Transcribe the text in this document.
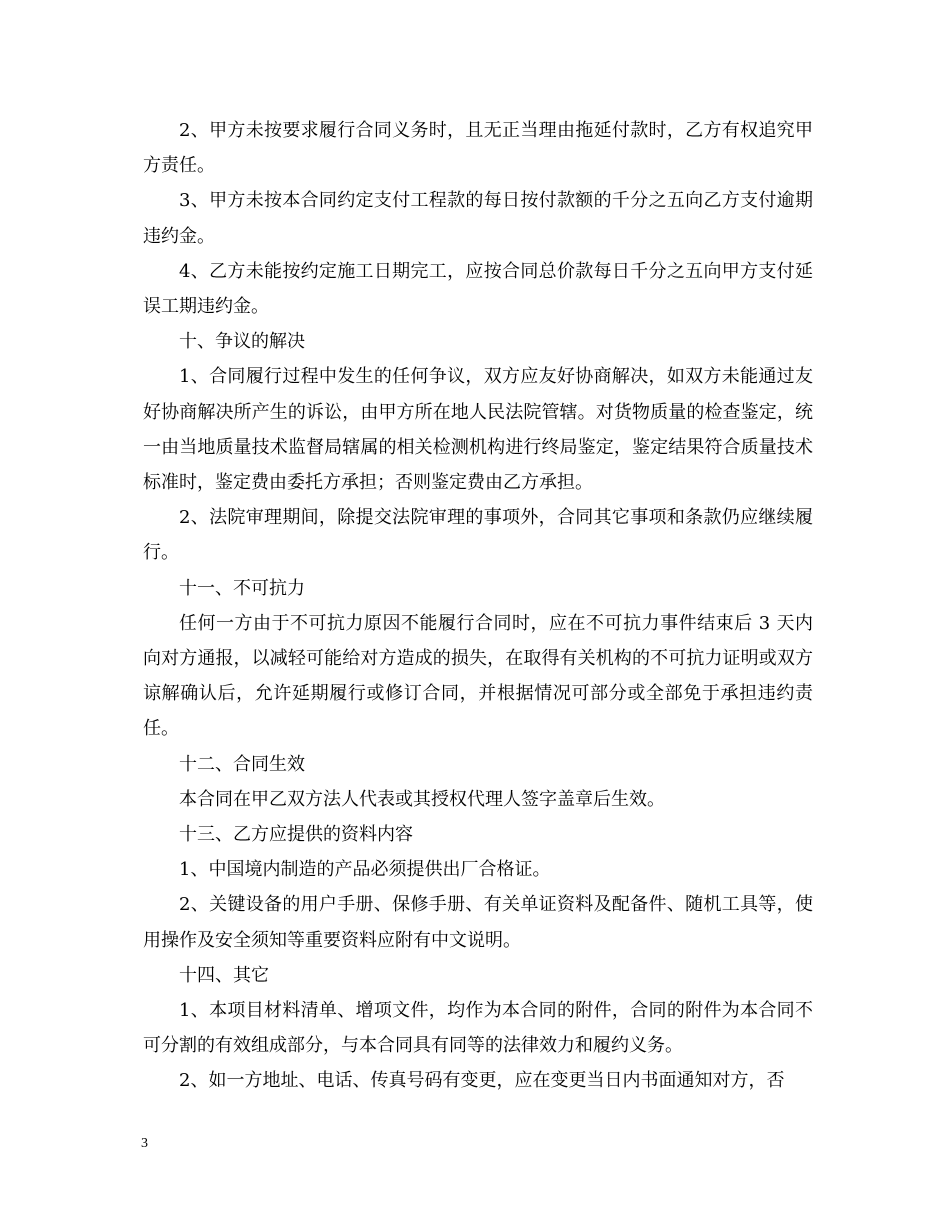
2、甲方未按要求履行合同义务时，且无正当理由拖延付款时，乙方有权追究甲方责任。

3、甲方未按本合同约定支付工程款的每日按付款额的千分之五向乙方支付逾期违约金。

4、乙方未能按约定施工日期完工，应按合同总价款每日千分之五向甲方支付延误工期违约金。

十、争议的解决

1、合同履行过程中发生的任何争议，双方应友好协商解决，如双方未能通过友好协商解决所产生的诉讼，由甲方所在地人民法院管辖。对货物质量的检查鉴定，统一由当地质量技术监督局辖属的相关检测机构进行终局鉴定，鉴定结果符合质量技术标准时，鉴定费由委托方承担；否则鉴定费由乙方承担。

2、法院审理期间，除提交法院审理的事项外，合同其它事项和条款仍应继续履行。

十一、不可抗力

任何一方由于不可抗力原因不能履行合同时，应在不可抗力事件结束后 3 天内向对方通报，以减轻可能给对方造成的损失，在取得有关机构的不可抗力证明或双方谅解确认后，允许延期履行或修订合同，并根据情况可部分或全部免于承担违约责任。

十二、合同生效

本合同在甲乙双方法人代表或其授权代理人签字盖章后生效。

十三、乙方应提供的资料内容

1、中国境内制造的产品必须提供出厂合格证。

2、关键设备的用户手册、保修手册、有关单证资料及配备件、随机工具等，使用操作及安全须知等重要资料应附有中文说明。

十四、其它

1、本项目材料清单、增项文件，均作为本合同的附件，合同的附件为本合同不可分割的有效组成部分，与本合同具有同等的法律效力和履约义务。

2、如一方地址、电话、传真号码有变更，应在变更当日内书面通知对方，否

3
